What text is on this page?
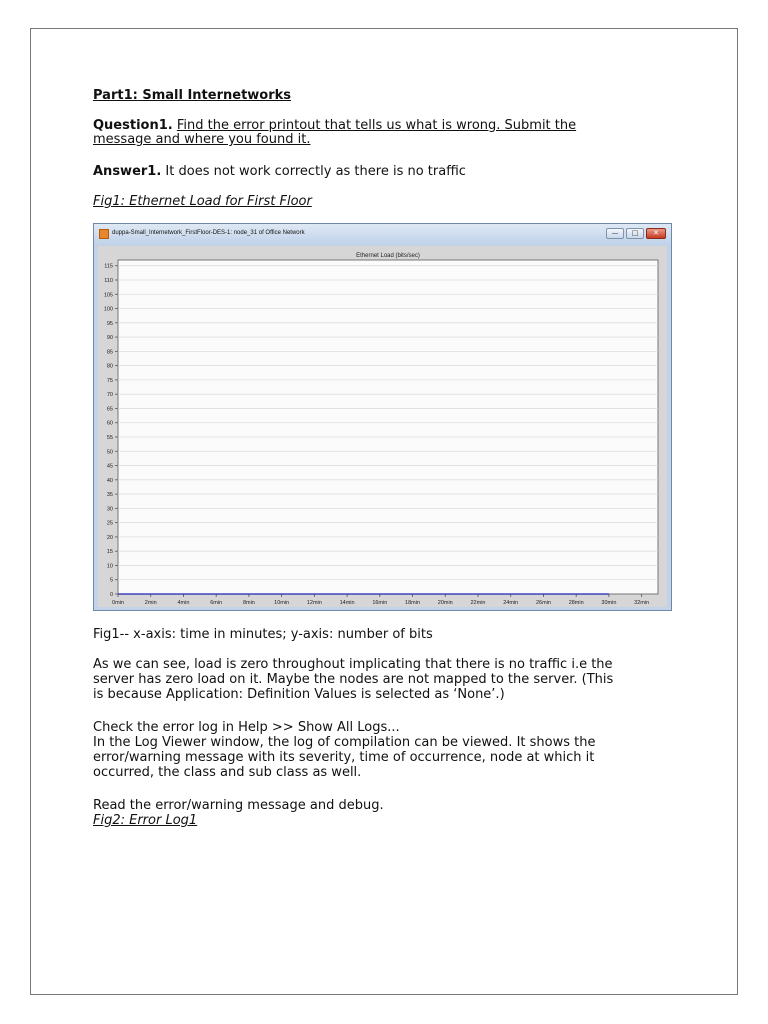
Part1: Small Internetworks
Question1. Find the error printout that tells us what is wrong. Submit the
message and where you found it.
Answer1. It does not work correctly as there is no traffic
Fig1: Ethernet Load for First Floor
duppa-Small_Internetwork_FirstFloor-DES-1: node_31 of Office Network	—	□	✕
Ethernet Load (bits/sec)
0
5
10
15
20
25
30
35
40
45
50
55
60
65
70
75
80
85
90
95
100
105
110
115
0min	2min	4min	6min	8min	10min	12min	14min	16min	18min	20min	22min	24min	26min	28min	30min	32min
Fig1-- x-axis: time in minutes; y-axis: number of bits
As we can see, load is zero throughout implicating that there is no traffic i.e the
server has zero load on it. Maybe the nodes are not mapped to the server. (This
is because Application: Definition Values is selected as ‘None’.)
Check the error log in Help >> Show All Logs...
In the Log Viewer window, the log of compilation can be viewed. It shows the
error/warning message with its severity, time of occurrence, node at which it
occurred, the class and sub class as well.
Read the error/warning message and debug.
Fig2: Error Log1
